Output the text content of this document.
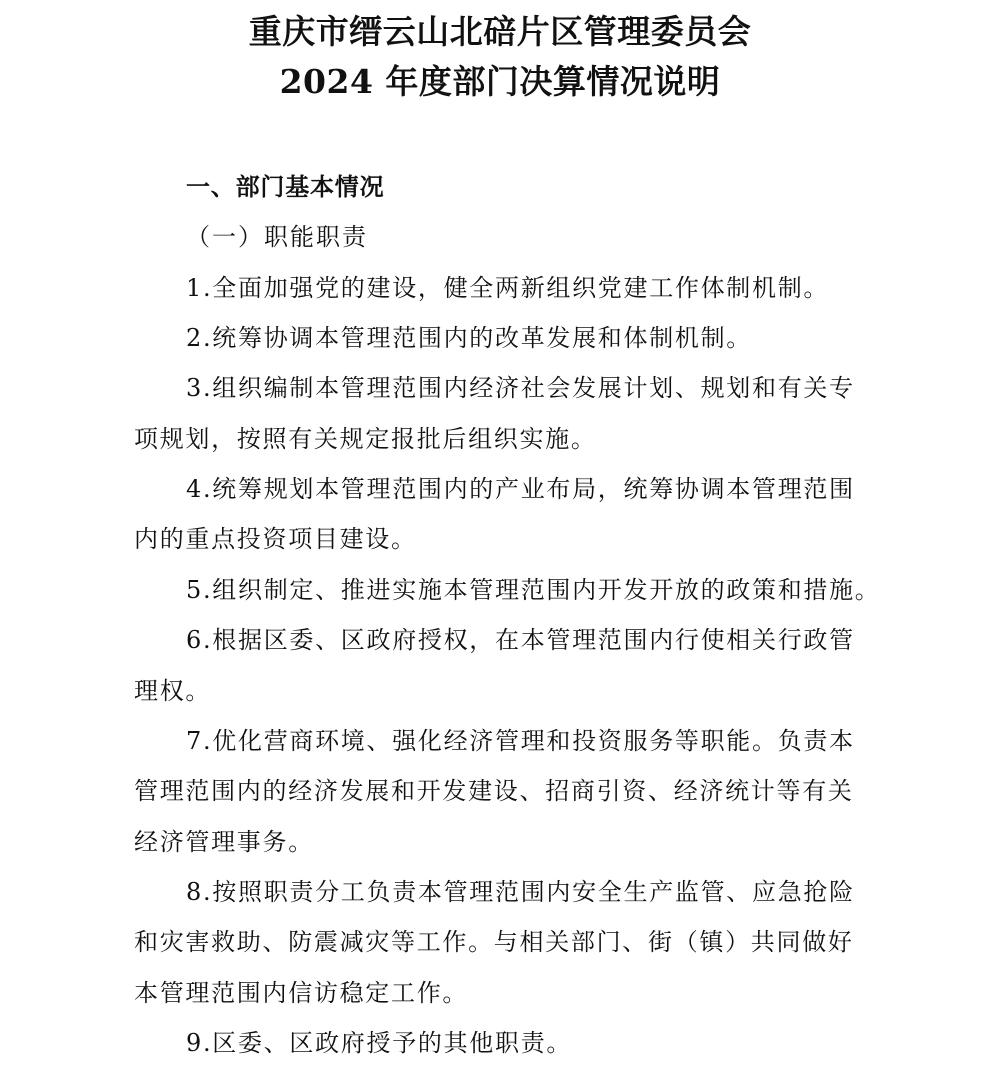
重庆市缙云山北碚片区管理委员会
2024 年度部门决算情况说明
一、部门基本情况
（一）职能职责
1.全面加强党的建设，健全两新组织党建工作体制机制。
2.统筹协调本管理范围内的改革发展和体制机制。
3.组织编制本管理范围内经济社会发展计划、规划和有关专
项规划，按照有关规定报批后组织实施。
4.统筹规划本管理范围内的产业布局，统筹协调本管理范围
内的重点投资项目建设。
5.组织制定、推进实施本管理范围内开发开放的政策和措施。
6.根据区委、区政府授权，在本管理范围内行使相关行政管
理权。
7.优化营商环境、强化经济管理和投资服务等职能。负责本
管理范围内的经济发展和开发建设、招商引资、经济统计等有关
经济管理事务。
8.按照职责分工负责本管理范围内安全生产监管、应急抢险
和灾害救助、防震减灾等工作。与相关部门、街（镇）共同做好
本管理范围内信访稳定工作。
9.区委、区政府授予的其他职责。
